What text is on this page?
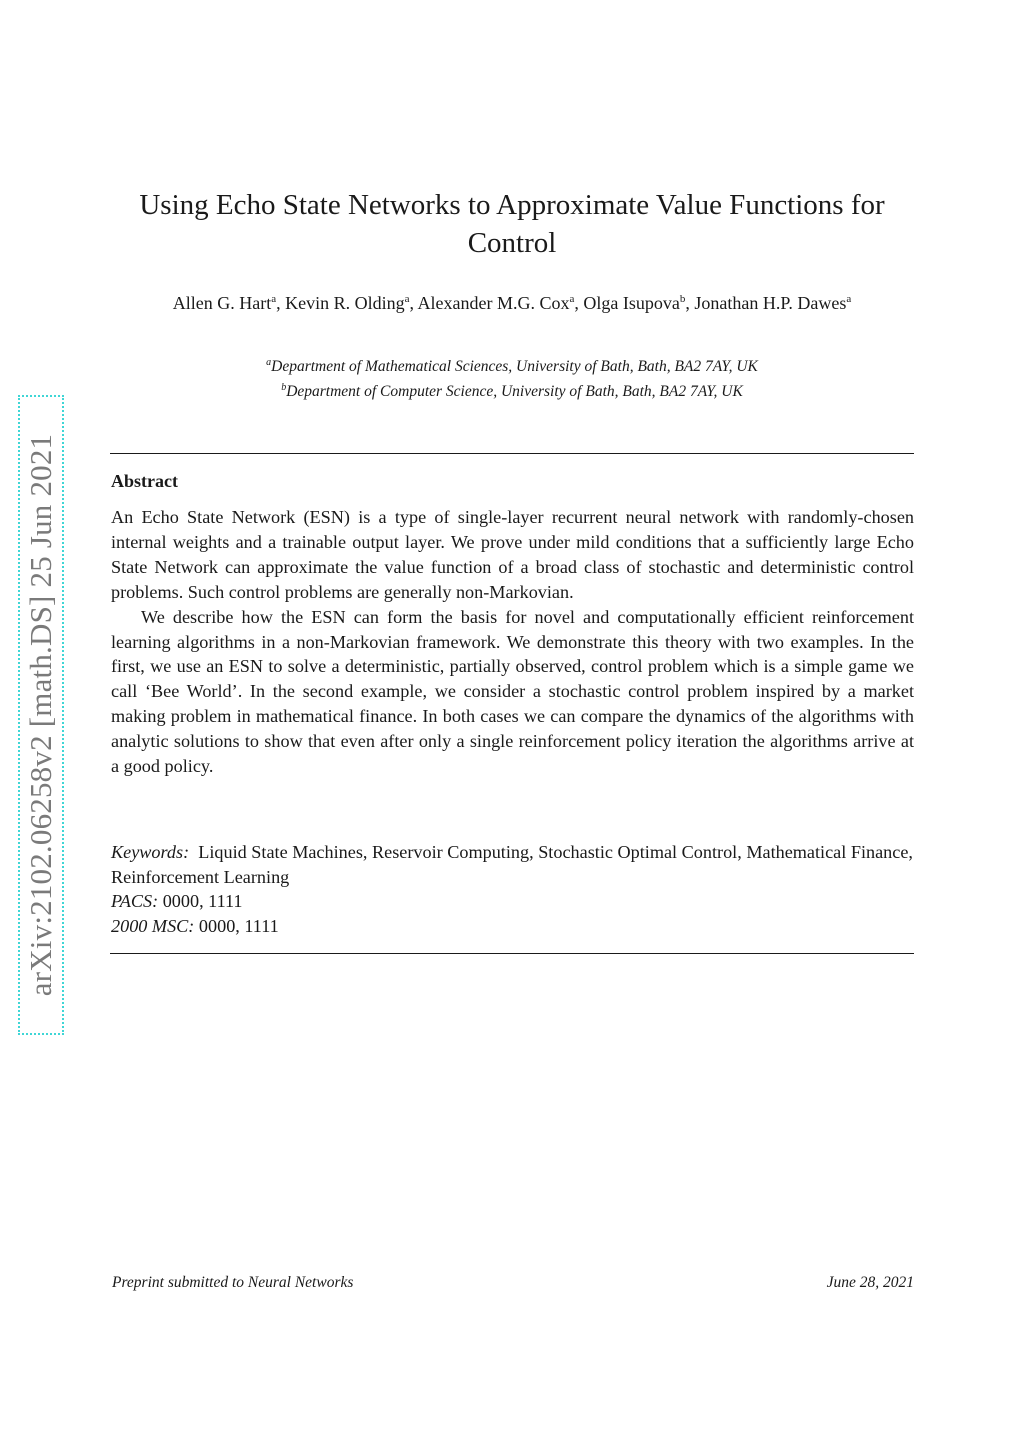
arXiv:2102.06258v2 [math.DS] 25 Jun 2021
Using Echo State Networks to Approximate Value Functions for Control
Allen G. Hart$^a$, Kevin R. Olding$^a$, Alexander M.G. Cox$^a$, Olga Isupova$^b$, Jonathan H.P. Dawes$^a$
$^a$Department of Mathematical Sciences, University of Bath, Bath, BA2 7AY, UK
$^b$Department of Computer Science, University of Bath, Bath, BA2 7AY, UK
Abstract

An Echo State Network (ESN) is a type of single-layer recurrent neural network with randomly-chosen internal weights and a trainable output layer. We prove under mild conditions that a sufficiently large Echo State Network can approximate the value function of a broad class of stochastic and deterministic control problems. Such control problems are generally non-Markovian.

We describe how the ESN can form the basis for novel and computationally efficient reinforcement learning algorithms in a non-Markovian framework. We demonstrate this theory with two examples. In the first, we use an ESN to solve a deterministic, partially observed, control problem which is a simple game we call ‘Bee World’. In the second example, we consider a stochastic control problem inspired by a market making problem in mathematical finance. In both cases we can compare the dynamics of the algorithms with analytic solutions to show that even after only a single reinforcement policy iteration the algorithms arrive at a good policy.

Keywords: Liquid State Machines, Reservoir Computing, Stochastic Optimal Control, Mathematical Finance, Reinforcement Learning
PACS: 0000, 1111
2000 MSC: 0000, 1111
Preprint submitted to Neural Networks	June 28, 2021
